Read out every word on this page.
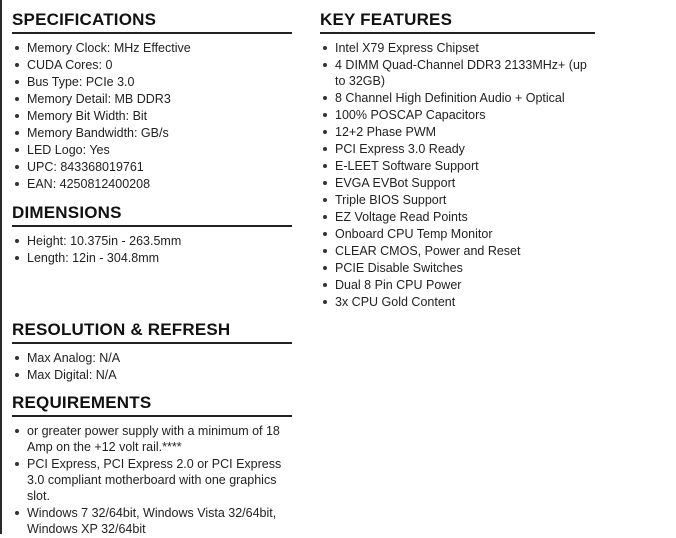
SPECIFICATIONS
Memory Clock: MHz Effective
CUDA Cores: 0
Bus Type: PCIe 3.0
Memory Detail: MB DDR3
Memory Bit Width: Bit
Memory Bandwidth: GB/s
LED Logo: Yes
UPC: 843368019761
EAN: 4250812400208
DIMENSIONS
Height: 10.375in - 263.5mm
Length: 12in - 304.8mm
RESOLUTION & REFRESH
Max Analog: N/A
Max Digital: N/A
REQUIREMENTS
or greater power supply with a minimum of 18 Amp on the +12 volt rail.****
PCI Express, PCI Express 2.0 or PCI Express 3.0 compliant motherboard with one graphics slot.
Windows 7 32/64bit, Windows Vista 32/64bit, Windows XP 32/64bit
KEY FEATURES
Intel X79 Express Chipset
4 DIMM Quad-Channel DDR3 2133MHz+ (up to 32GB)
8 Channel High Definition Audio + Optical
100% POSCAP Capacitors
12+2 Phase PWM
PCI Express 3.0 Ready
E-LEET Software Support
EVGA EVBot Support
Triple BIOS Support
EZ Voltage Read Points
Onboard CPU Temp Monitor
CLEAR CMOS, Power and Reset
PCIE Disable Switches
Dual 8 Pin CPU Power
3x CPU Gold Content
